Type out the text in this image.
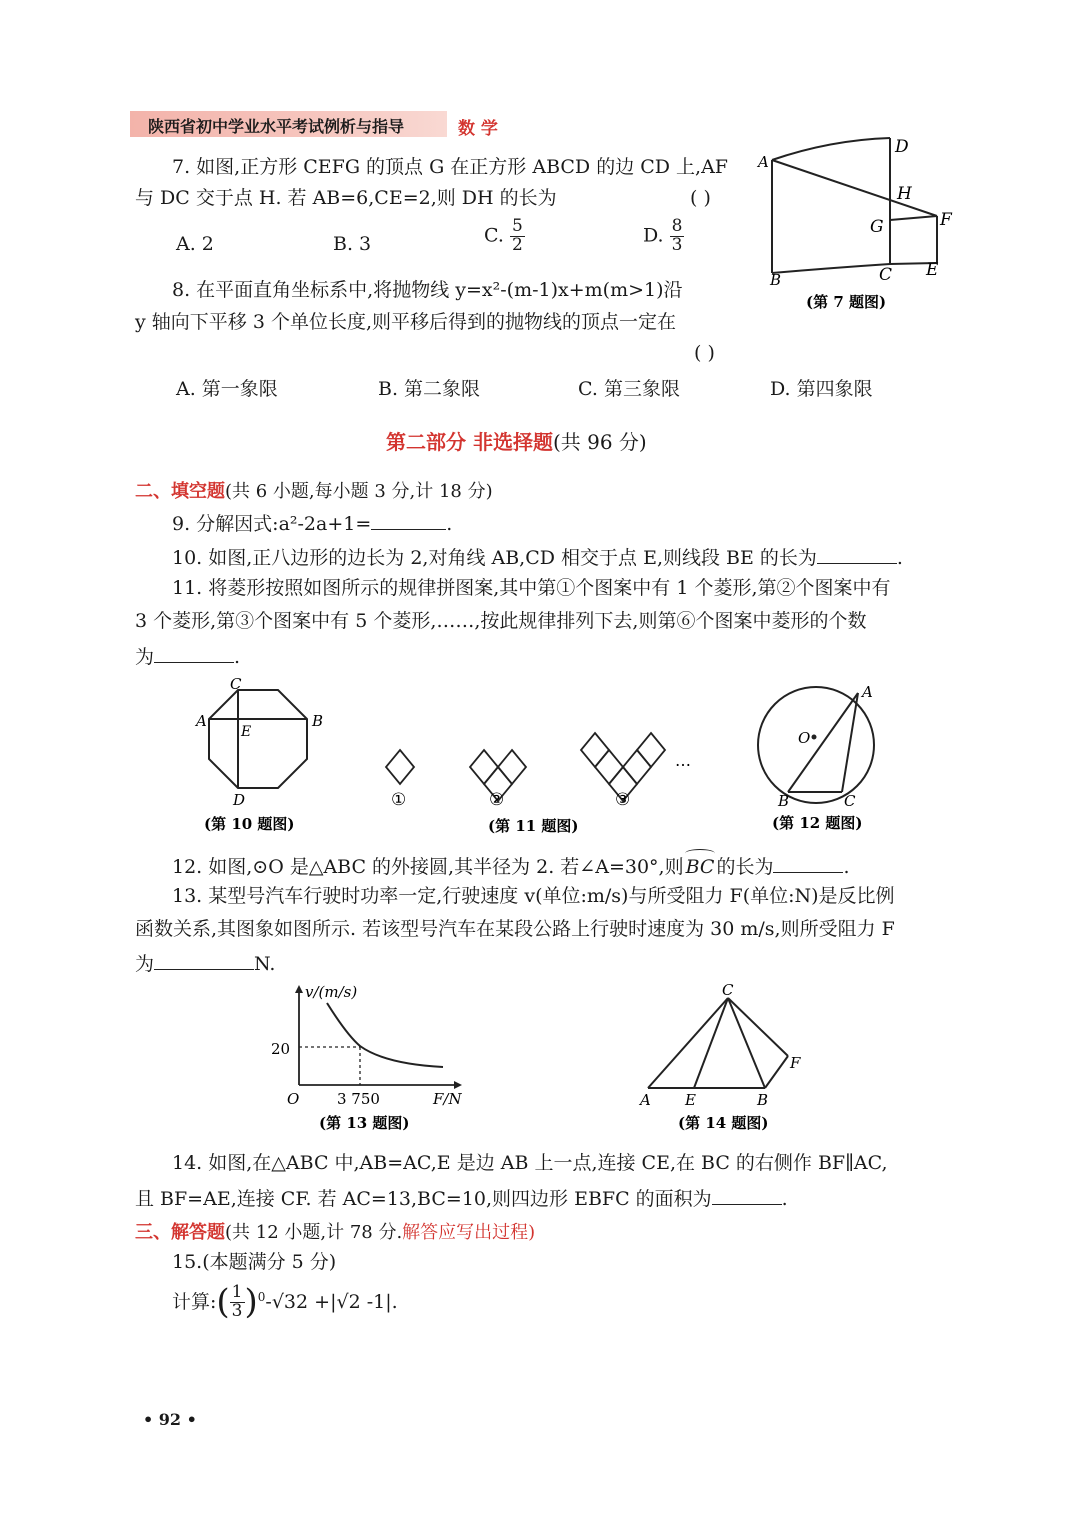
陕西省初中学业水平考试例析与指导	数 学
7. 如图,正方形 CEFG 的顶点 G 在正方形 ABCD 的边 CD 上,AF
与 DC 交于点 H. 若 AB=6,CE=2,则 DH 的长为	( )
A. 2	B. 3	C. $\frac{5}{2}$	D. $\frac{8}{3}$
A
D
H
G	F
B	C E
(第 7 题图)
8. 在平面直角坐标系中,将抛物线 y=x²-(m-1)x+m(m>1)沿
y 轴向下平移 3 个单位长度,则平移后得到的抛物线的顶点一定在
( )
A. 第一象限	B. 第二象限	C. 第三象限	D. 第四象限
第二部分 非选择题(共 96 分)
二、填空题(共 6 小题,每小题 3 分,计 18 分)
9. 分解因式:a²-2a+1=	.
10. 如图,正八边形的边长为 2,对角线 AB,CD 相交于点 E,则线段 BE 的长为	.
11. 将菱形按照如图所示的规律拼图案,其中第①个图案中有 1 个菱形,第②个图案中有
3 个菱形,第③个图案中有 5 个菱形,……,按此规律排列下去,则第⑥个图案中菱形的个数
为	.
C
A	B
E
D
(第 10 题图)
…
①	②	③
(第 11 题图)
A
O
B	C
(第 12 题图)
12. 如图,⊙O 是△ABC 的外接圆,其半径为 2. 若∠A=30°,则 BC 的长为	.
13. 某型号汽车行驶时功率一定,行驶速度 v(单位:m/s)与所受阻力 F(单位:N)是反比例
函数关系,其图象如图所示. 若该型号汽车在某段公路上行驶时速度为 30 m/s,则所受阻力 F
为	N.
v/(m/s)
20
O	3 750	F/N
(第 13 题图)
C
F
A E	B
(第 14 题图)
14. 如图,在△ABC 中,AB=AC,E 是边 AB 上一点,连接 CE,在 BC 的右侧作 BF∥AC,
且 BF=AE,连接 CF. 若 AC=13,BC=10,则四边形 EBFC 的面积为	.
三、解答题(共 12 小题,计 78 分.解答应写出过程)
15.(本题满分 5 分)
计算: ( $\frac{1}{3} )^0$ -√32 +|√2 -1|.
• 92 •
